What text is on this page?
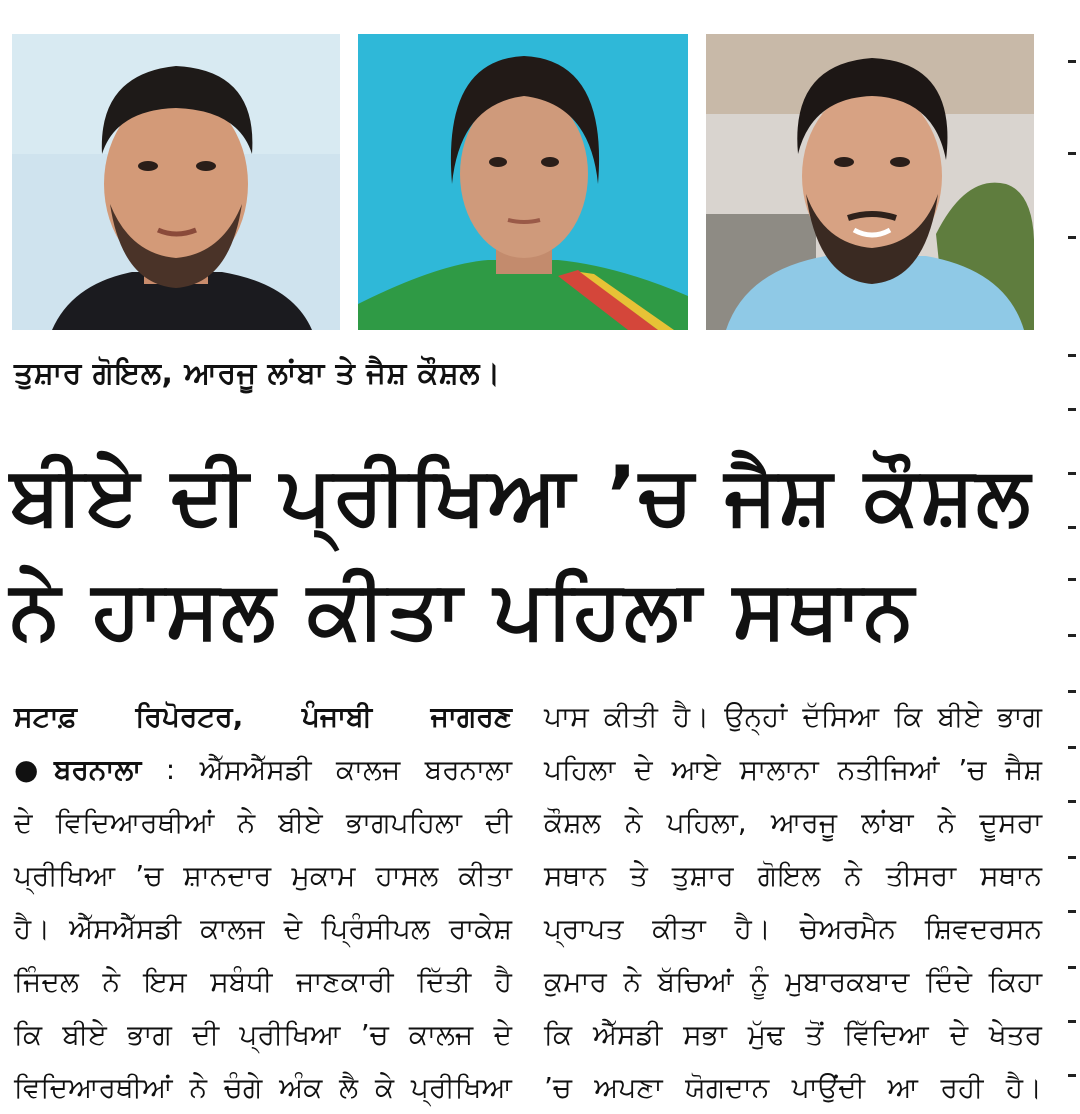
ਤੁਸ਼ਾਰ ਗੋਇਲ, ਆਰਜੂ ਲਾਂਬਾ ਤੇ ਜੈਸ਼ ਕੌਸ਼ਲ।
ਬੀਏ ਦੀ ਪ੍ਰੀਖਿਆ ’ਚ ਜੈਸ਼ ਕੌਸ਼ਲ
ਨੇ ਹਾਸਲ ਕੀਤਾ ਪਹਿਲਾ ਸਥਾਨ
ਸਟਾਫ਼ ਰਿਪੋਰਟਰ, ਪੰਜਾਬੀ ਜਾਗਰਣ
●ਬਰਨਾਲਾ : ਐੱਸਐੱਸਡੀ ਕਾਲਜ ਬਰਨਾਲਾ
ਦੇ ਵਿਦਿਆਰਥੀਆਂ ਨੇ ਬੀਏ ਭਾਗਪਹਿਲਾ ਦੀ
ਪ੍ਰੀਖਿਆ ’ਚ ਸ਼ਾਨਦਾਰ ਮੁਕਾਮ ਹਾਸਲ ਕੀਤਾ
ਹੈ। ਐੱਸਐੱਸਡੀ ਕਾਲਜ ਦੇ ਪ੍ਰਿੰਸੀਪਲ ਰਾਕੇਸ਼
ਜਿੰਦਲ ਨੇ ਇਸ ਸਬੰਧੀ ਜਾਣਕਾਰੀ ਦਿੱਤੀ ਹੈ
ਕਿ ਬੀਏ ਭਾਗ ਦੀ ਪ੍ਰੀਖਿਆ ’ਚ ਕਾਲਜ ਦੇ
ਵਿਦਿਆਰਥੀਆਂ ਨੇ ਚੰਗੇ ਅੰਕ ਲੈ ਕੇ ਪ੍ਰੀਖਿਆ
ਪਾਸ ਕੀਤੀ ਹੈ। ਉਨ੍ਹਾਂ ਦੱਸਿਆ ਕਿ ਬੀਏ ਭਾਗ
ਪਹਿਲਾ ਦੇ ਆਏ ਸਾਲਾਨਾ ਨਤੀਜਿਆਂ ’ਚ ਜੈਸ਼
ਕੌਸ਼ਲ ਨੇ ਪਹਿਲਾ, ਆਰਜੂ ਲਾਂਬਾ ਨੇ ਦੂਸਰਾ
ਸਥਾਨ ਤੇ ਤੁਸ਼ਾਰ ਗੋਇਲ ਨੇ ਤੀਸਰਾ ਸਥਾਨ
ਪ੍ਰਾਪਤ ਕੀਤਾ ਹੈ। ਚੇਅਰਮੈਨ ਸ਼ਿਵਦਰਸਨ
ਕੁਮਾਰ ਨੇ ਬੱਚਿਆਂ ਨੂੰ ਮੁਬਾਰਕਬਾਦ ਦਿੰਦੇ ਕਿਹਾ
ਕਿ ਐੱਸਡੀ ਸਭਾ ਮੁੱਢ ਤੋਂ ਵਿੱਦਿਆ ਦੇ ਖੇਤਰ
’ਚ ਅਪਣਾ ਯੋਗਦਾਨ ਪਾਉਂਦੀ ਆ ਰਹੀ ਹੈ।
